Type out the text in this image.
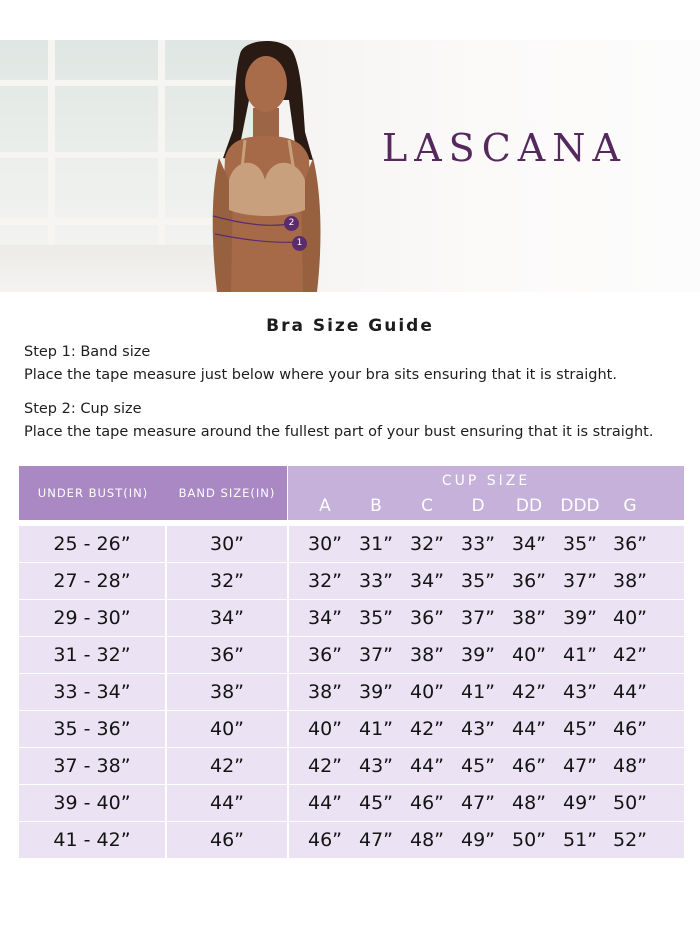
2
1
LASCANA
Bra Size Guide
Step 1: Band size
Place the tape measure just below where your bra sits ensuring that it is straight.
Step 2: Cup size
Place the tape measure around the fullest part of your bust ensuring that it is straight.
UNDER BUST(IN)	BAND SIZE(IN)
CUP SIZE
A	B	C	D	DD	DDD	G
25 - 26”	30”	30” 31” 32” 33” 34” 35” 36”
27 - 28”	32”	32” 33” 34” 35” 36” 37” 38”
29 - 30”	34”	34” 35” 36” 37” 38” 39” 40”
31 - 32”	36”	36” 37” 38” 39” 40” 41” 42”
33 - 34”	38”	38” 39” 40” 41” 42” 43” 44”
35 - 36”	40”	40” 41” 42” 43” 44” 45” 46”
37 - 38”	42”	42” 43” 44” 45” 46” 47” 48”
39 - 40”	44”	44” 45” 46” 47” 48” 49” 50”
41 - 42”	46”	46” 47” 48” 49” 50” 51” 52”
